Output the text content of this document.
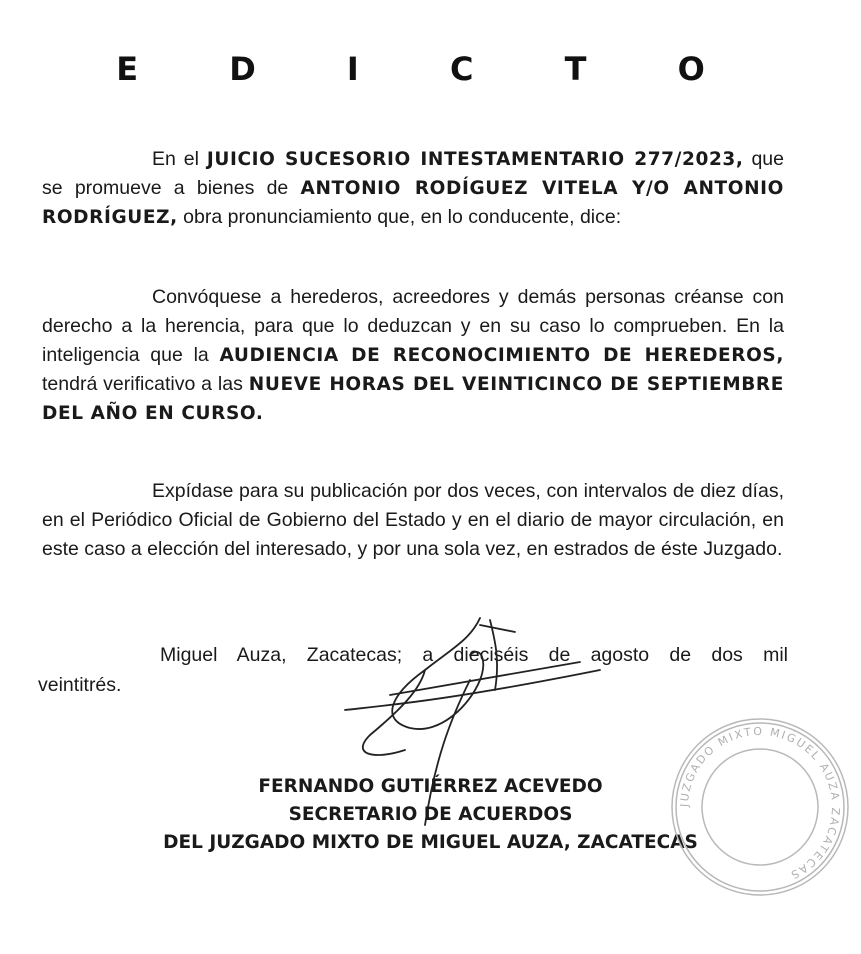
E D I C T O
En el JUICIO SUCESORIO INTESTAMENTARIO 277/2023, que se promueve a bienes de ANTONIO RODÍGUEZ VITELA Y/O ANTONIO RODRÍGUEZ, obra pronunciamiento que, en lo conducente, dice:
Convóquese a herederos, acreedores y demás personas créanse con derecho a la herencia, para que lo deduzcan y en su caso lo comprueben. En la inteligencia que la AUDIENCIA DE RECONOCIMIENTO DE HEREDEROS, tendrá verificativo a las NUEVE HORAS DEL VEINTICINCO DE SEPTIEMBRE DEL AÑO EN CURSO.
Expídase para su publicación por dos veces, con intervalos de diez días, en el Periódico Oficial de Gobierno del Estado y en el diario de mayor circulación, en este caso a elección del interesado, y por una sola vez, en estrados de éste Juzgado.
Miguel Auza, Zacatecas; a dieciséis de agosto de dos mil
veintitrés.
FERNANDO GUTIÉRREZ ACEVEDO
SECRETARIO DE ACUERDOS
DEL JUZGADO MIXTO DE MIGUEL AUZA, ZACATECAS
JUZGADO MIXTO MIGUEL AUZA ZACATECAS
